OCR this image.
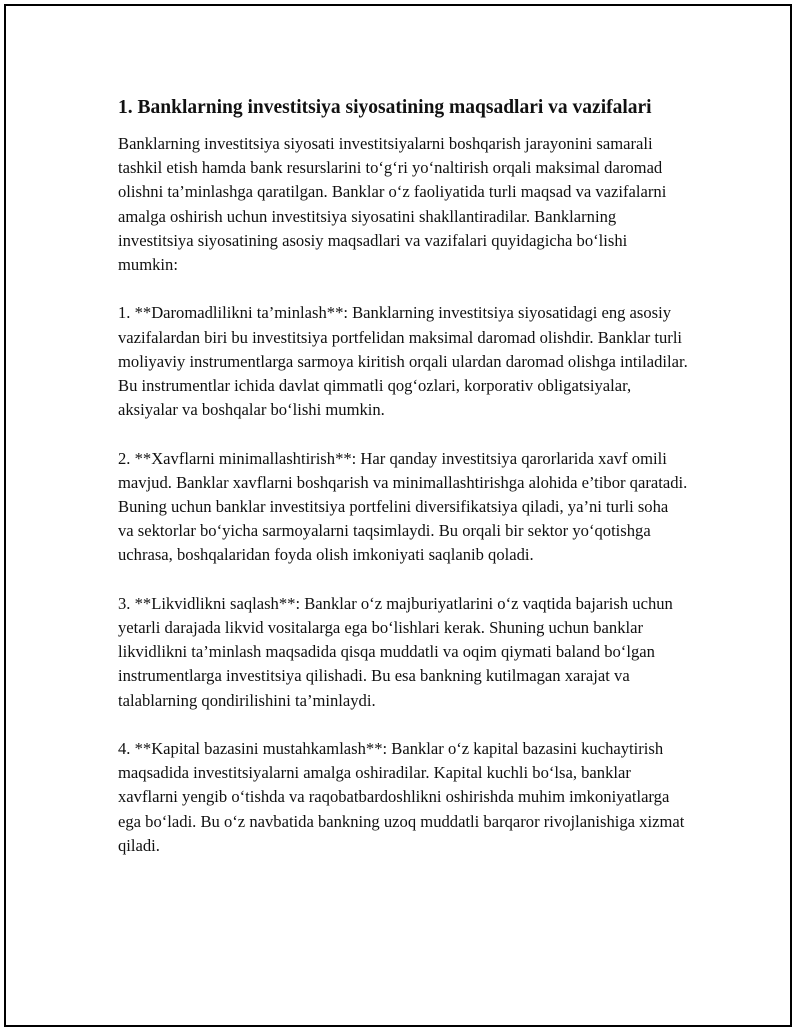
1. Banklarning investitsiya siyosatining maqsadlari va vazifalari

Banklarning investitsiya siyosati investitsiyalarni boshqarish jarayonini samarali tashkil etish hamda bank resurslarini to‘g‘ri yo‘naltirish orqali maksimal daromad olishni ta’minlashga qaratilgan. Banklar o‘z faoliyatida turli maqsad va vazifalarni amalga oshirish uchun investitsiya siyosatini shakllantiradilar. Banklarning investitsiya siyosatining asosiy maqsadlari va vazifalari quyidagicha bo‘lishi mumkin:

1. **Daromadlilikni ta’minlash**: Banklarning investitsiya siyosatidagi eng asosiy vazifalardan biri bu investitsiya portfelidan maksimal daromad olishdir. Banklar turli moliyaviy instrumentlarga sarmoya kiritish orqali ulardan daromad olishga intiladilar. Bu instrumentlar ichida davlat qimmatli qog‘ozlari, korporativ obligatsiyalar, aksiyalar va boshqalar bo‘lishi mumkin.

2. **Xavflarni minimallashtirish**: Har qanday investitsiya qarorlarida xavf omili mavjud. Banklar xavflarni boshqarish va minimallashtirishga alohida e’tibor qaratadi. Buning uchun banklar investitsiya portfelini diversifikatsiya qiladi, ya’ni turli soha va sektorlar bo‘yicha sarmoyalarni taqsimlaydi. Bu orqali bir sektor yo‘qotishga uchrasa, boshqalaridan foyda olish imkoniyati saqlanib qoladi.

3. **Likvidlikni saqlash**: Banklar o‘z majburiyatlarini o‘z vaqtida bajarish uchun yetarli darajada likvid vositalarga ega bo‘lishlari kerak. Shuning uchun banklar likvidlikni ta’minlash maqsadida qisqa muddatli va oqim qiymati baland bo‘lgan instrumentlarga investitsiya qilishadi. Bu esa bankning kutilmagan xarajat va talablarning qondirilishini ta’minlaydi.

4. **Kapital bazasini mustahkamlash**: Banklar o‘z kapital bazasini kuchaytirish maqsadida investitsiyalarni amalga oshiradilar. Kapital kuchli bo‘lsa, banklar xavflarni yengib o‘tishda va raqobatbardoshlikni oshirishda muhim imkoniyatlarga ega bo‘ladi. Bu o‘z navbatida bankning uzoq muddatli barqaror rivojlanishiga xizmat qiladi.
